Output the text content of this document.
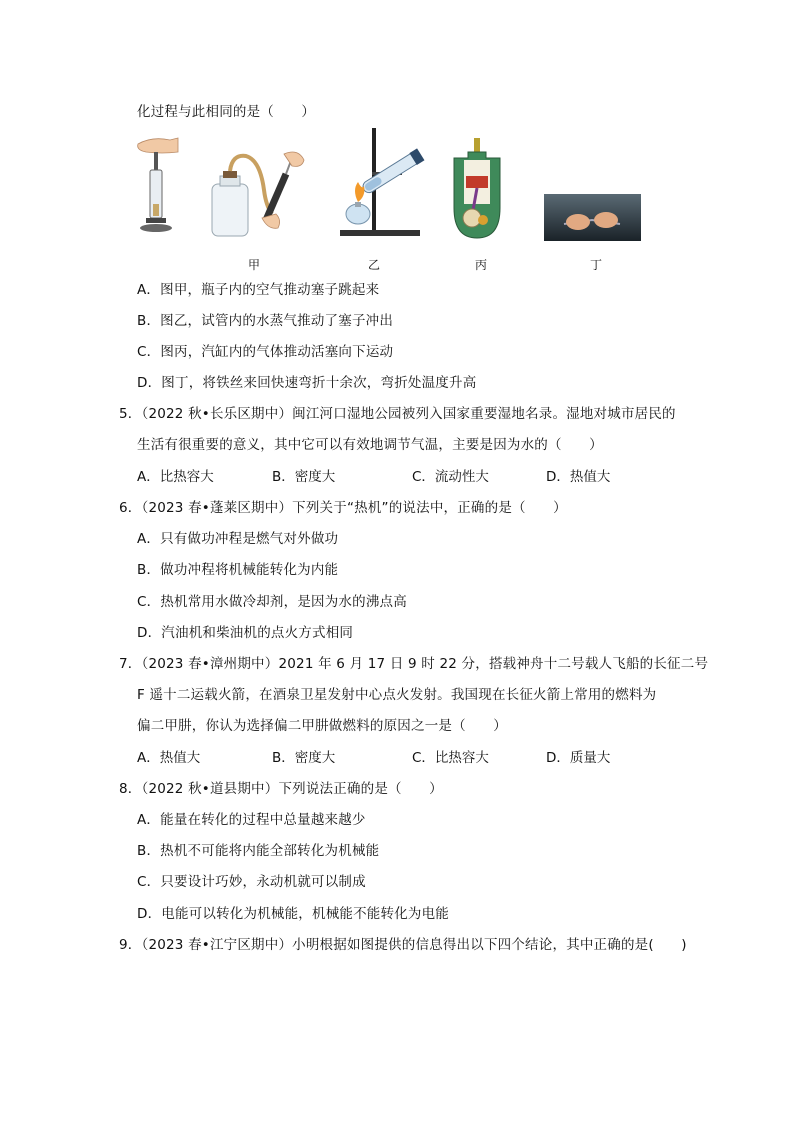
化过程与此相同的是（　　）
甲	乙	丙	丁
A．图甲，瓶子内的空气推动塞子跳起来
B．图乙，试管内的水蒸气推动了塞子冲出
C．图丙，汽缸内的气体推动活塞向下运动
D．图丁，将铁丝来回快速弯折十余次，弯折处温度升高
5．（2022 秋•长乐区期中）闽江河口湿地公园被列入国家重要湿地名录。湿地对城市居民的
生活有很重要的意义，其中它可以有效地调节气温，主要是因为水的（　　）
A．比热容大	B．密度大	C．流动性大	D．热值大
6．（2023 春•蓬莱区期中）下列关于“热机”的说法中，正确的是（　　）
A．只有做功冲程是燃气对外做功
B．做功冲程将机械能转化为内能
C．热机常用水做冷却剂，是因为水的沸点高
D．汽油机和柴油机的点火方式相同
7．（2023 春•漳州期中）2021 年 6 月 17 日 9 时 22 分，搭载神舟十二号载人飞船的长征二号
F 遥十二运载火箭，在酒泉卫星发射中心点火发射。我国现在长征火箭上常用的燃料为
偏二甲肼，你认为选择偏二甲肼做燃料的原因之一是（　　）
A．热值大	B．密度大	C．比热容大	D．质量大
8．（2022 秋•道县期中）下列说法正确的是（　　）
A．能量在转化的过程中总量越来越少
B．热机不可能将内能全部转化为机械能
C．只要设计巧妙，永动机就可以制成
D．电能可以转化为机械能，机械能不能转化为电能
9．（2023 春•江宁区期中）小明根据如图提供的信息得出以下四个结论，其中正确的是(　　)
